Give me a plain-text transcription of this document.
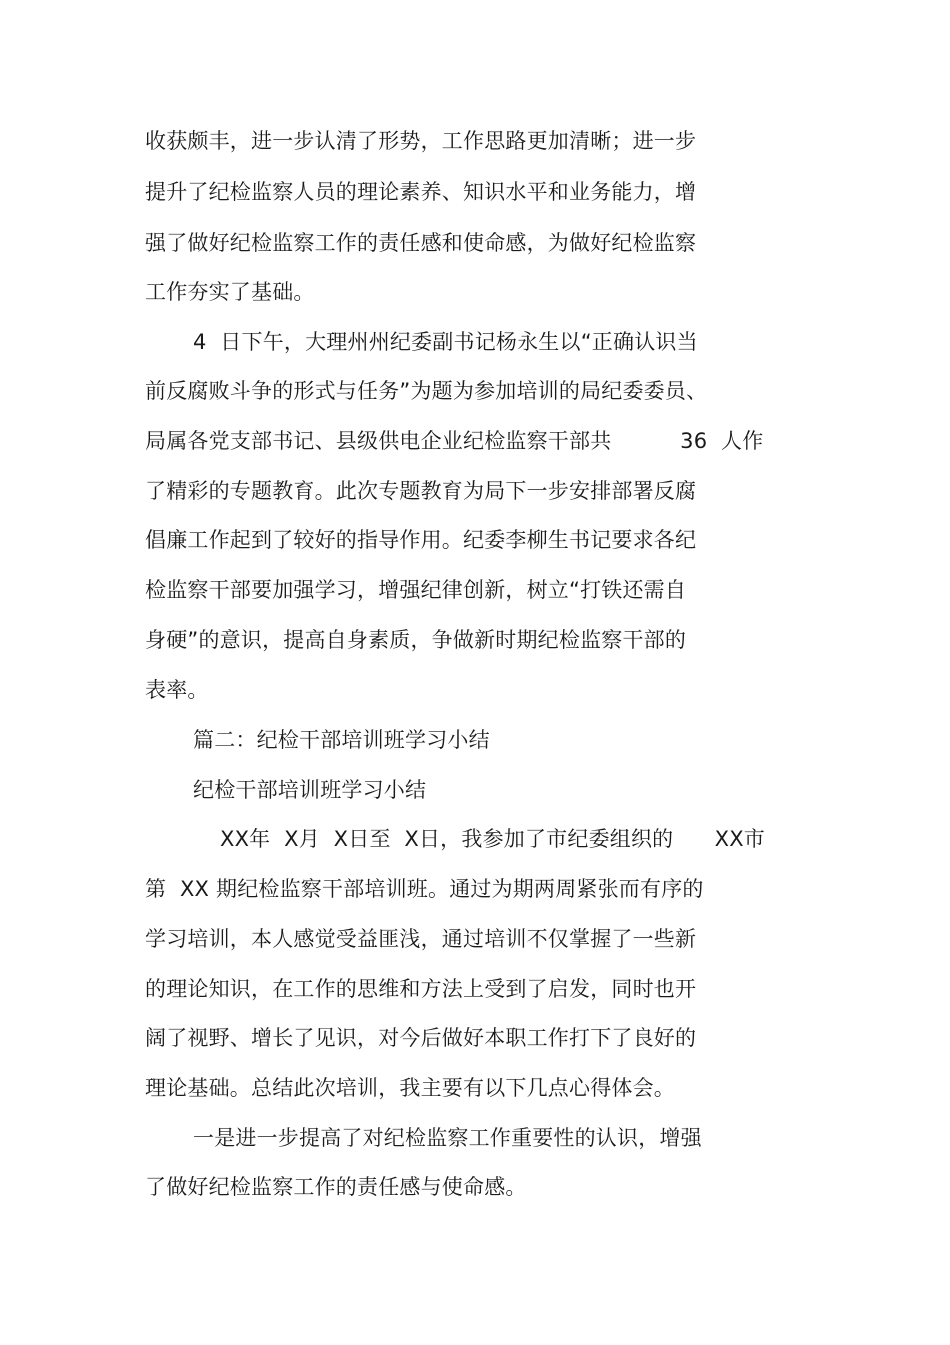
收获颇丰，进一步认清了形势，工作思路更加清晰；进一步
提升了纪检监察人员的理论素养、知识水平和业务能力，增
强了做好纪检监察工作的责任感和使命感，为做好纪检监察
工作夯实了基础。
4  日下午，大理州州纪委副书记杨永生以“正确认识当
前反腐败斗争的形式与任务”为题为参加培训的局纪委委员、
局属各党支部书记、县级供电企业纪检监察干部共          36  人作
了精彩的专题教育。此次专题教育为局下一步安排部署反腐
倡廉工作起到了较好的指导作用。纪委李柳生书记要求各纪
检监察干部要加强学习，增强纪律创新，树立“打铁还需自
身硬”的意识，提高自身素质，争做新时期纪检监察干部的
表率。
篇二：纪检干部培训班学习小结
纪检干部培训班学习小结
XX年  X月  X日至  X日，我参加了市纪委组织的      XX市
第  XX 期纪检监察干部培训班。通过为期两周紧张而有序的
学习培训，本人感觉受益匪浅，通过培训不仅掌握了一些新
的理论知识，在工作的思维和方法上受到了启发，同时也开
阔了视野、增长了见识，对今后做好本职工作打下了良好的
理论基础。总结此次培训，我主要有以下几点心得体会。
一是进一步提高了对纪检监察工作重要性的认识，增强
了做好纪检监察工作的责任感与使命感。
